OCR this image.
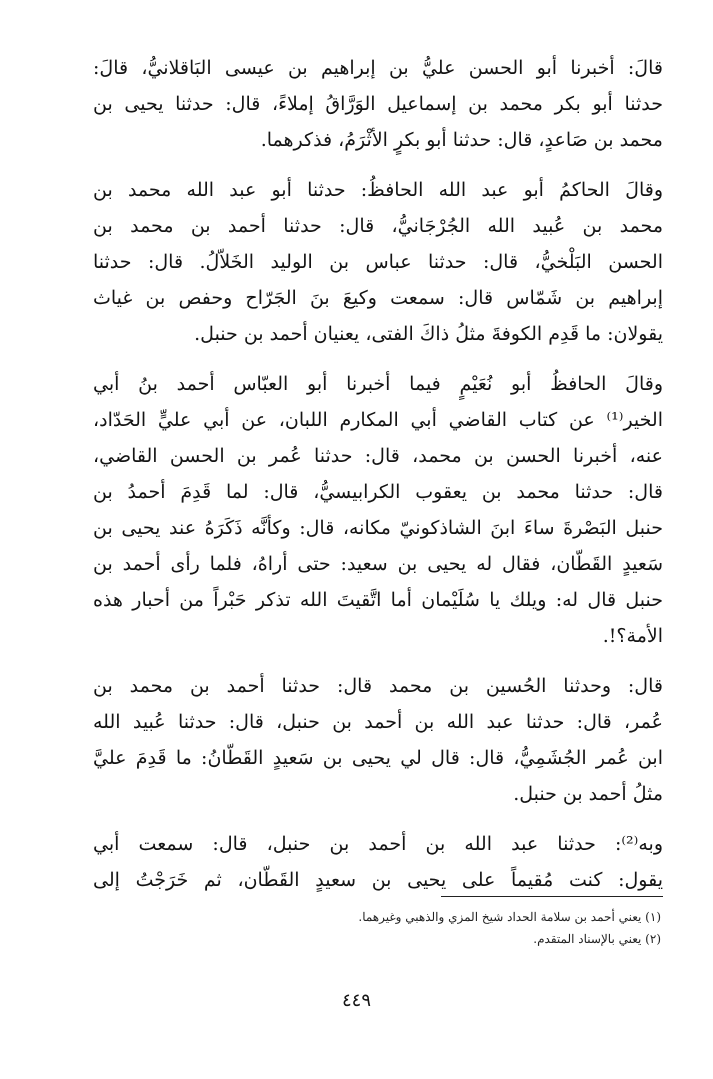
قالَ: أخبرنا أبو الحسن عليُّ بن إبراهيم بن عيسى البَاقلانيُّ، قالَ:
حدثنا أبو بكر محمد بن إسماعيل الوَرَّاقُ إملاءً، قال: حدثنا يحيى بن
محمد بن صَاعدٍ، قال: حدثنا أبو بكرٍ الأثْرَمُ، فذكرهما.
وقالَ الحاكمُ أبو عبد الله الحافظُ: حدثنا أبو عبد الله محمد بن
محمد بن عُبيد الله الجُرْجَانيُّ، قال: حدثنا أحمد بن محمد بن
الحسن البَلْخيُّ، قال: حدثنا عباس بن الوليد الخَلاّلُ. قال: حدثنا
إبراهيم بن شَمّاس قال: سمعت وكيعَ بنَ الجَرّاح وحفص بن غياث
يقولان: ما قَدِم الكوفةَ مثلُ ذاكَ الفتى، يعنيان أحمد بن حنبل.
وقالَ الحافظُ أبو نُعَيْمٍ فيما أخبرنا أبو العبّاس أحمد بنُ أبي
الخير⁽¹⁾ عن كتاب القاضي أبي المكارم اللبان، عن أبي عليٍّ الحَدّاد،
عنه، أخبرنا الحسن بن محمد، قال: حدثنا عُمر بن الحسن القاضي،
قال: حدثنا محمد بن يعقوب الكرابيسيُّ، قال: لما قَدِمَ أحمدُ بن
حنبل البَصْرةَ ساءَ ابنَ الشاذكونيّ مكانه، قال: وكأنَّه ذَكَرَهُ عند يحيى بن
سَعيدٍ القَطّان، فقال له يحيى بن سعيد: حتى أراهُ، فلما رأى أحمد بن
حنبل قال له: ويلك يا سُلَيْمان أما اتَّقيتَ الله تذكر حَبْراً من أحبار هذه
الأمة؟!.
قال: وحدثنا الحُسين بن محمد قال: حدثنا أحمد بن محمد بن
عُمر، قال: حدثنا عبد الله بن أحمد بن حنبل، قال: حدثنا عُبيد الله
ابن عُمر الجُشَمِيُّ، قال: قال لي يحيى بن سَعيدٍ القَطّانُ: ما قَدِمَ عليَّ
مثلُ أحمد بن حنبل.
وبه⁽²⁾: حدثنا عبد الله بن أحمد بن حنبل، قال: سمعت أبي
يقول: كنت مُقيماً على يحيى بن سعيدٍ القَطّان، ثم خَرَجْتُ إلى

(١) يعني أحمد بن سلامة الحداد شيخ المزي والذهبي وغيرهما.

(٢) يعني بالإسناد المتقدم.

٤٤٩
